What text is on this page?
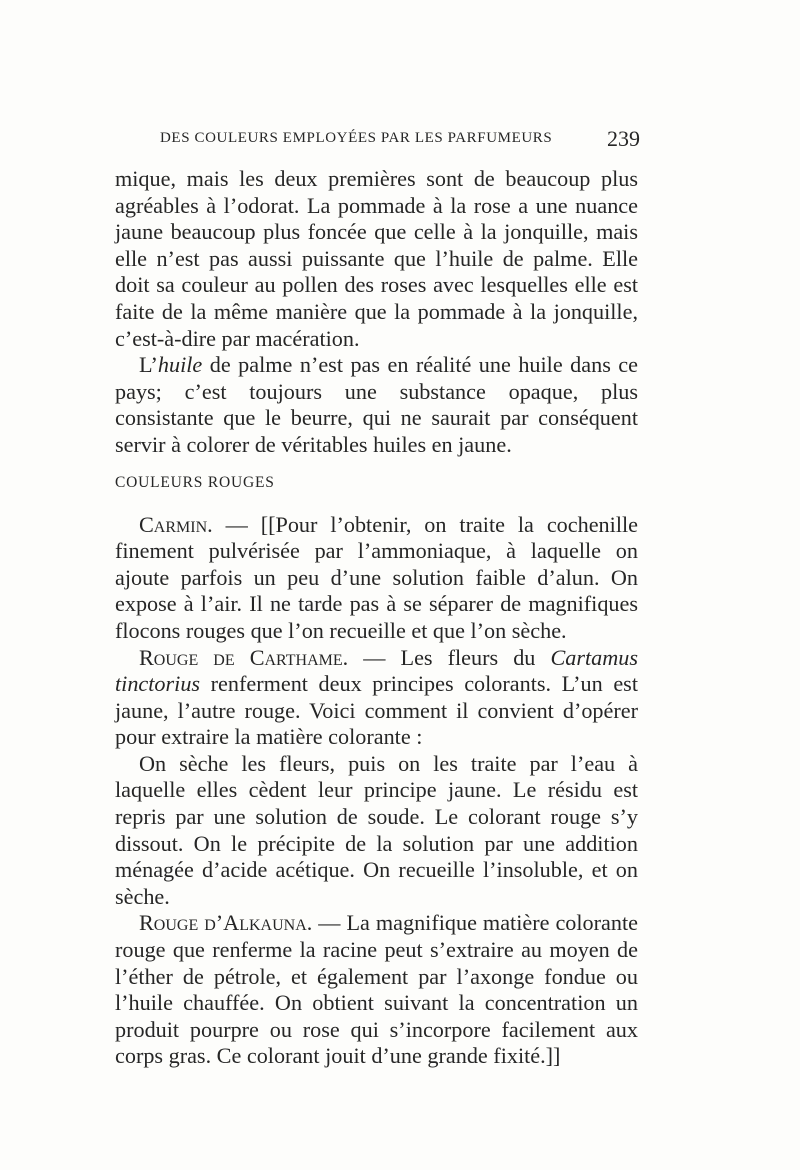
DES COULEURS EMPLOYÉES PAR LES PARFUMEURS 239

mique, mais les deux premières sont de beaucoup plus agréables à l’odorat. La pommade à la rose a une nuance jaune beaucoup plus foncée que celle à la jonquille, mais elle n’est pas aussi puissante que l’huile de palme. Elle doit sa couleur au pollen des roses avec lesquelles elle est faite de la même manière que la pommade à la jonquille, c’est-à-dire par macération.

L’huile de palme n’est pas en réalité une huile dans ce pays; c’est toujours une substance opaque, plus consistante que le beurre, qui ne saurait par conséquent servir à colorer de véritables huiles en jaune.

COULEURS ROUGES

Carmin. — [[Pour l’obtenir, on traite la cochenille finement pulvérisée par l’ammoniaque, à laquelle on ajoute parfois un peu d’une solution faible d’alun. On expose à l’air. Il ne tarde pas à se séparer de magnifiques flocons rouges que l’on recueille et que l’on sèche.

Rouge de Carthame. — Les fleurs du Cartamus tinctorius renferment deux principes colorants. L’un est jaune, l’autre rouge. Voici comment il convient d’opérer pour extraire la matière colorante :

On sèche les fleurs, puis on les traite par l’eau à laquelle elles cèdent leur principe jaune. Le résidu est repris par une solution de soude. Le colorant rouge s’y dissout. On le précipite de la solution par une addition ménagée d’acide acétique. On recueille l’insoluble, et on sèche.

Rouge d’Alkauna. — La magnifique matière colorante rouge que renferme la racine peut s’extraire au moyen de l’éther de pétrole, et également par l’axonge fondue ou l’huile chauffée. On obtient suivant la concentration un produit pourpre ou rose qui s’incorpore facilement aux corps gras. Ce colorant jouit d’une grande fixité.]]
